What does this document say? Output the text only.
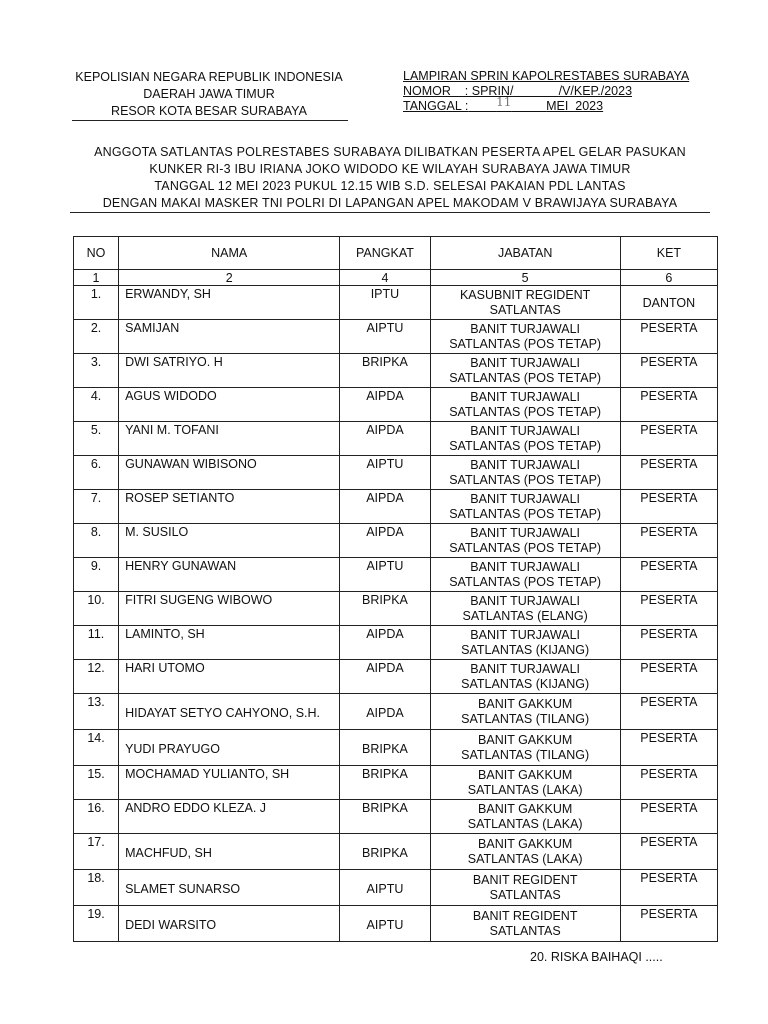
KEPOLISIAN NEGARA REPUBLIK INDONESIA
DAERAH JAWA TIMUR
RESOR KOTA BESAR SURABAYA
LAMPIRAN SPRIN KAPOLRESTABES SURABAYA
NOMOR    : SPRIN/	/V/KEP./2023
TANGGAL : 11	MEI  2023
ANGGOTA SATLANTAS POLRESTABES SURABAYA DILIBATKAN PESERTA APEL GELAR PASUKAN
KUNKER RI-3 IBU IRIANA JOKO WIDODO KE WILAYAH SURABAYA JAWA TIMUR
TANGGAL 12 MEI 2023 PUKUL 12.15 WIB S.D. SELESAI PAKAIAN PDL LANTAS
DENGAN MAKAI MASKER TNI POLRI DI LAPANGAN APEL MAKODAM V BRAWIJAYA SURABAYA
NO	NAMA	PANGKAT	JABATAN	KET
1	2	4	5	6
1.	ERWANDY, SH	IPTU	KASUBNIT REGIDENT
SATLANTAS	DANTON
2.	SAMIJAN	AIPTU	BANIT TURJAWALI
SATLANTAS (POS TETAP)	PESERTA
3.	DWI SATRIYO. H	BRIPKA	BANIT TURJAWALI
SATLANTAS (POS TETAP)	PESERTA
4.	AGUS WIDODO	AIPDA	BANIT TURJAWALI
SATLANTAS (POS TETAP)	PESERTA
5.	YANI M. TOFANI	AIPDA	BANIT TURJAWALI
SATLANTAS (POS TETAP)	PESERTA
6.	GUNAWAN WIBISONO	AIPTU	BANIT TURJAWALI
SATLANTAS (POS TETAP)	PESERTA
7.	ROSEP SETIANTO	AIPDA	BANIT TURJAWALI
SATLANTAS (POS TETAP)	PESERTA
8.	M. SUSILO	AIPDA	BANIT TURJAWALI
SATLANTAS (POS TETAP)	PESERTA
9.	HENRY GUNAWAN	AIPTU	BANIT TURJAWALI
SATLANTAS (POS TETAP)	PESERTA
10.	FITRI SUGENG WIBOWO	BRIPKA	BANIT TURJAWALI
SATLANTAS (ELANG)	PESERTA
11.	LAMINTO, SH	AIPDA	BANIT TURJAWALI
SATLANTAS (KIJANG)	PESERTA
12.	HARI UTOMO	AIPDA	BANIT TURJAWALI
SATLANTAS (KIJANG)	PESERTA
13.	HIDAYAT SETYO CAHYONO, S.H.	AIPDA	BANIT GAKKUM
SATLANTAS (TILANG)	PESERTA
14.	YUDI PRAYUGO	BRIPKA	BANIT GAKKUM
SATLANTAS (TILANG)	PESERTA
15.	MOCHAMAD YULIANTO, SH	BRIPKA	BANIT GAKKUM
SATLANTAS (LAKA)	PESERTA
16.	ANDRO EDDO KLEZA. J	BRIPKA	BANIT GAKKUM
SATLANTAS (LAKA)	PESERTA
17.	MACHFUD, SH	BRIPKA	BANIT GAKKUM
SATLANTAS (LAKA)	PESERTA
18.	SLAMET SUNARSO	AIPTU	BANIT REGIDENT
SATLANTAS	PESERTA
19.	DEDI WARSITO	AIPTU	BANIT REGIDENT
SATLANTAS	PESERTA
20. RISKA BAIHAQI .....
